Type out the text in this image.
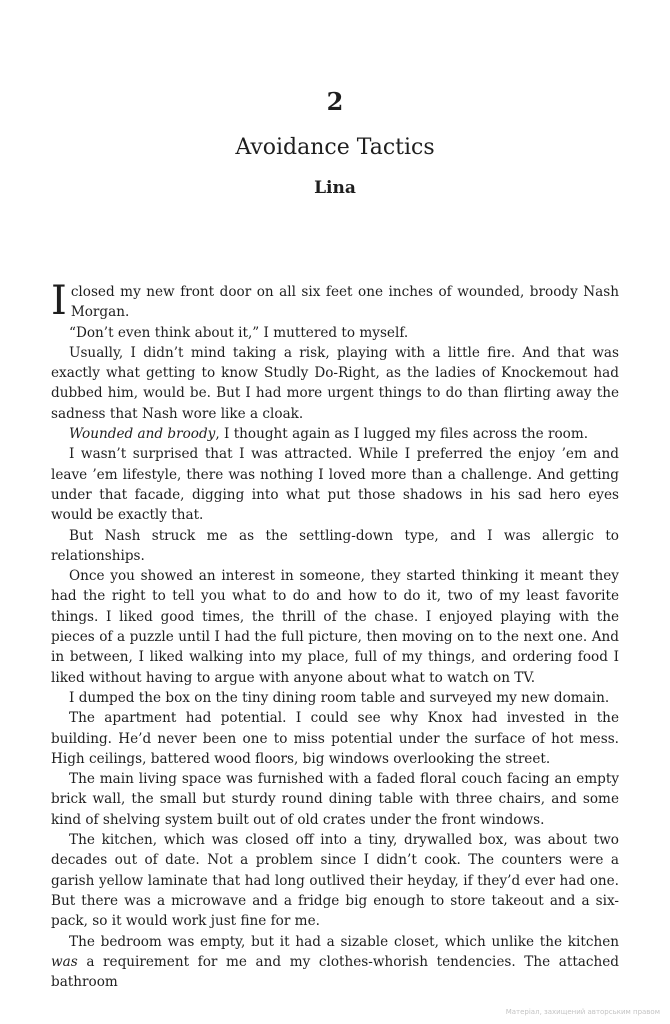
2
Avoidance Tactics
Lina

Iclosed my new front door on all six feet one inches of wounded, broody Nash Morgan.

“Don’t even think about it,” I muttered to myself.

Usually, I didn’t mind taking a risk, playing with a little fire. And that was exactly what getting to know Studly Do-Right, as the ladies of Knockemout had dubbed him, would be. But I had more urgent things to do than flirting away the sadness that Nash wore like a cloak.

Wounded and broody, I thought again as I lugged my files across the room.

I wasn’t surprised that I was attracted. While I preferred the enjoy ’em and leave ’em lifestyle, there was nothing I loved more than a challenge. And getting under that facade, digging into what put those shadows in his sad hero eyes would be exactly that.

But Nash struck me as the settling-down type, and I was allergic to relationships.

Once you showed an interest in someone, they started thinking it meant they had the right to tell you what to do and how to do it, two of my least favorite things. I liked good times, the thrill of the chase. I enjoyed playing with the pieces of a puzzle until I had the full picture, then moving on to the next one. And in between, I liked walking into my place, full of my things, and ordering food I liked without having to argue with anyone about what to watch on TV.

I dumped the box on the tiny dining room table and surveyed my new domain.

The apartment had potential. I could see why Knox had invested in the building. He’d never been one to miss potential under the surface of hot mess. High ceilings, battered wood floors, big windows overlooking the street.

The main living space was furnished with a faded floral couch facing an empty brick wall, the small but sturdy round dining table with three chairs, and some kind of shelving system built out of old crates under the front windows.

The kitchen, which was closed off into a tiny, drywalled box, was about two decades out of date. Not a problem since I didn’t cook. The counters were a garish yellow laminate that had long outlived their heyday, if they’d ever had one. But there was a microwave and a fridge big enough to store takeout and a six-pack, so it would work just fine for me.

The bedroom was empty, but it had a sizable closet, which unlike the kitchen was a requirement for me and my clothes-whorish tendencies. The attached bathroom

Матеріал, захищений авторським правом
